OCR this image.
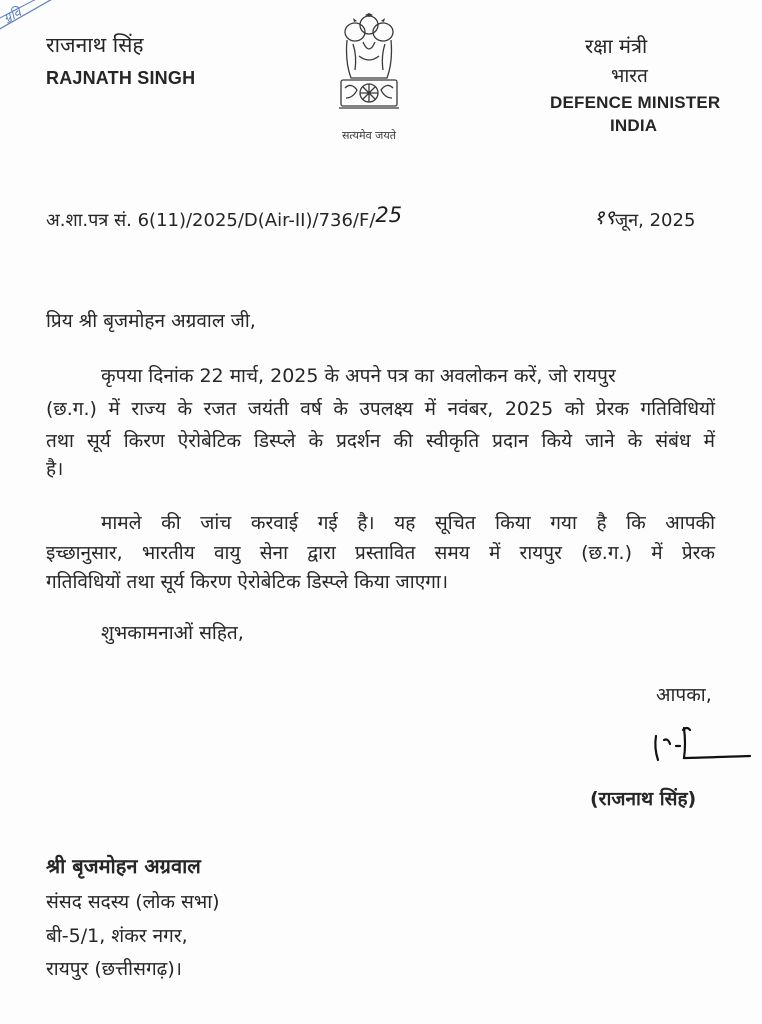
ॻ्रवि
राजनाथ सिंह
RAJNATH SINGH
सत्यमेव जयते
रक्षा मंत्री
भारत
DEFENCE MINISTER
INDIA
अ.शा.पत्र सं. 6(11)/2025/D(Air-II)/736/F/25	१९जून, 2025
प्रिय श्री बृजमोहन अग्रवाल जी,
कृपया दिनांक 22 मार्च, 2025 के अपने पत्र का अवलोकन करें, जो रायपुर
(छ.ग.) में राज्य के रजत जयंती वर्ष के उपलक्ष्य में नवंबर, 2025 को प्रेरक गतिविधियों
तथा सूर्य किरण ऐरोबेटिक डिस्प्ले के प्रदर्शन की स्वीकृति प्रदान किये जाने के संबंध में
है।
मामले की जांच करवाई गई है। यह सूचित किया गया है कि आपकी
इच्छानुसार, भारतीय वायु सेना द्वारा प्रस्तावित समय में रायपुर (छ.ग.) में प्रेरक
गतिविधियों तथा सूर्य किरण ऐरोबेटिक डिस्प्ले किया जाएगा।
शुभकामनाओं सहित,
आपका,
(राजनाथ सिंह)
श्री बृजमोहन अग्रवाल
संसद सदस्य (लोक सभा)
बी-5/1, शंकर नगर,
रायपुर (छत्तीसगढ़)।
